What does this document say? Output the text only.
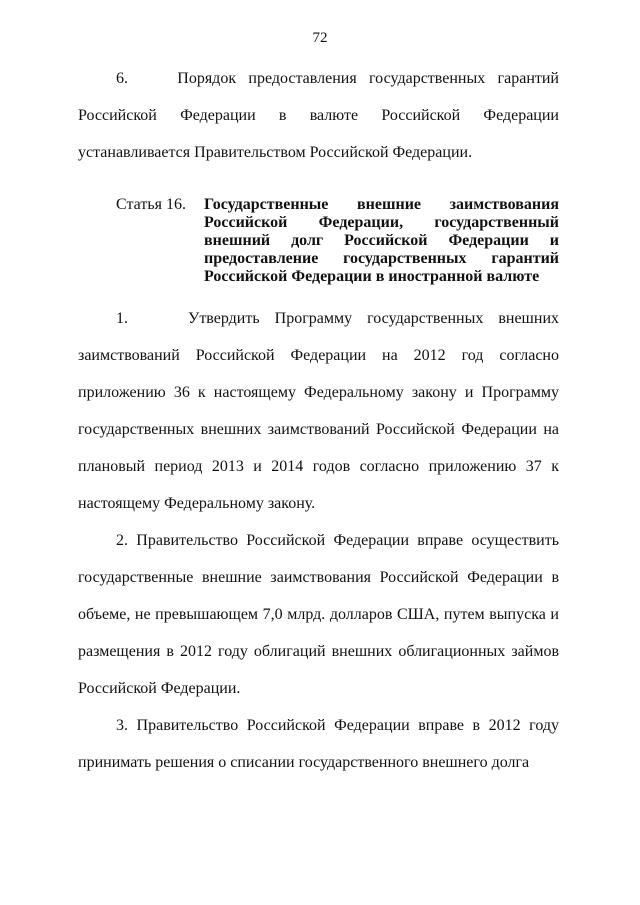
72

6.    Порядок предоставления государственных гарантий Российской Федерации в валюте Российской Федерации устанавливается Правительством Российской Федерации.

Статья 16.	Государственные внешние заимствования Российской Федерации, государственный внешний долг Российской Федерации и предоставление государственных гарантий Российской Федерации в иностранной валюте

1.    Утвердить Программу государственных внешних заимствований Российской Федерации на 2012 год согласно приложению 36 к настоящему Федеральному закону и Программу государственных внешних заимствований Российской Федерации на плановый период 2013 и 2014 годов согласно приложению 37 к настоящему Федеральному закону.

2. Правительство Российской Федерации вправе осуществить государственные внешние заимствования Российской Федерации в объеме, не превышающем 7,0 млрд. долларов США, путем выпуска и размещения в 2012 году облигаций внешних облигационных займов Российской Федерации.

3. Правительство Российской Федерации вправе в 2012 году принимать решения о списании государственного внешнего долга
